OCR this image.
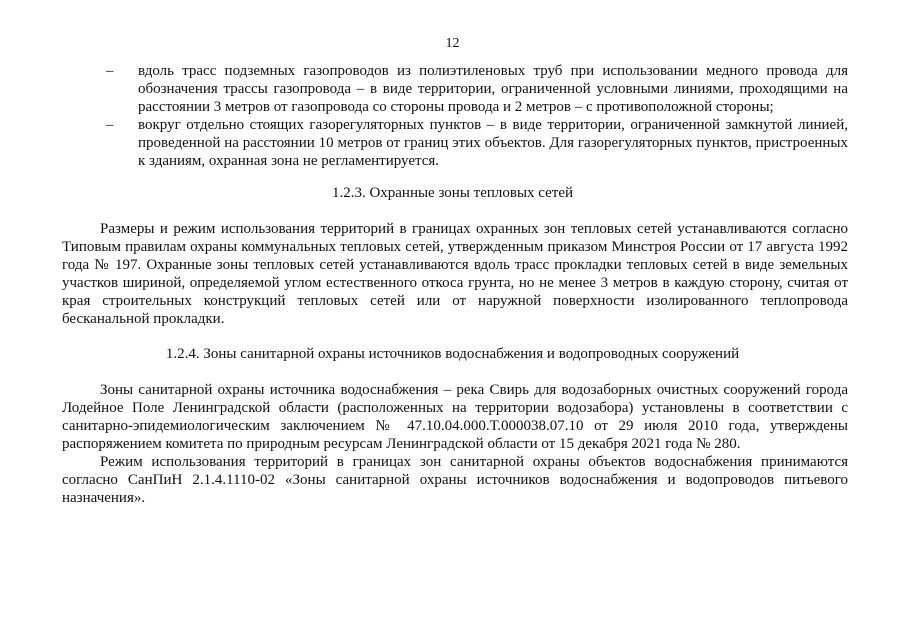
12
– вдоль трасс подземных газопроводов из полиэтиленовых труб при использовании медного провода для обозначения трассы газопровода – в виде территории, ограниченной условными линиями, проходящими на расстоянии 3 метров от газопровода со стороны провода и 2 метров – с противоположной стороны;
– вокруг отдельно стоящих газорегуляторных пунктов – в виде территории, ограниченной замкнутой линией, проведенной на расстоянии 10 метров от границ этих объектов. Для газорегуляторных пунктов, пристроенных к зданиям, охранная зона не регламентируется.
1.2.3. Охранные зоны тепловых сетей

Размеры и режим использования территорий в границах охранных зон тепловых сетей устанавливаются согласно Типовым правилам охраны коммунальных тепловых сетей, утвержденным приказом Минстроя России от 17 августа 1992 года № 197. Охранные зоны тепловых сетей устанавливаются вдоль трасс прокладки тепловых сетей в виде земельных участков шириной, определяемой углом естественного откоса грунта, но не менее 3 метров в каждую сторону, считая от края строительных конструкций тепловых сетей или от наружной поверхности изолированного теплопровода бесканальной прокладки.

1.2.4. Зоны санитарной охраны источников водоснабжения и водопроводных сооружений

Зоны санитарной охраны источника водоснабжения – река Свирь для водозаборных очистных сооружений города Лодейное Поле Ленинградской области (расположенных на территории водозабора) установлены в соответствии с санитарно-эпидемиологическим заключением № 47.10.04.000.Т.000038.07.10 от 29 июля 2010 года, утверждены распоряжением комитета по природным ресурсам Ленинградской области от 15 декабря 2021 года № 280.

Режим использования территорий в границах зон санитарной охраны объектов водоснабжения принимаются согласно СанПиН 2.1.4.1110-02 «Зоны санитарной охраны источников водоснабжения и водопроводов питьевого назначения».
